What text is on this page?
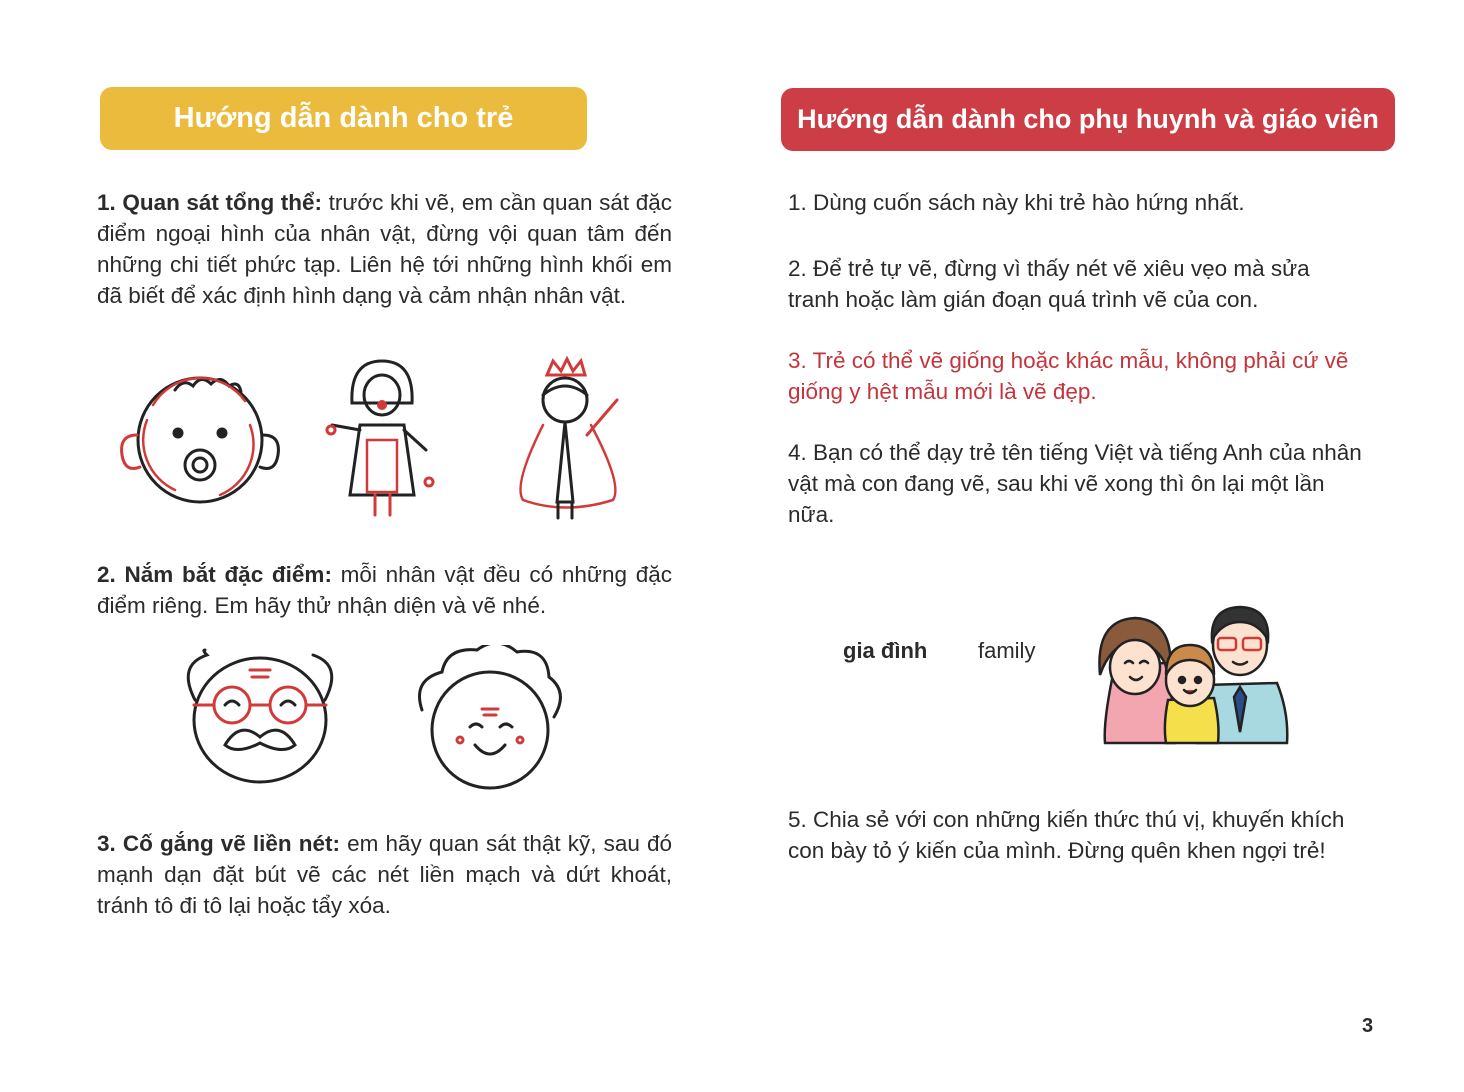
Hướng dẫn dành cho trẻ	Hướng dẫn dành cho phụ huynh và giáo viên
1. Quan sát tổng thể: trước khi vẽ, em cần quan sát đặc điểm ngoại hình của nhân vật, đừng vội quan tâm đến những chi tiết phức tạp. Liên hệ tới những hình khối em đã biết để xác định hình dạng và cảm nhận nhân vật.
2. Nắm bắt đặc điểm: mỗi nhân vật đều có những đặc điểm riêng. Em hãy thử nhận diện và vẽ nhé.
3. Cố gắng vẽ liền nét: em hãy quan sát thật kỹ, sau đó mạnh dạn đặt bút vẽ các nét liền mạch và dứt khoát, tránh tô đi tô lại hoặc tẩy xóa.
1. Dùng cuốn sách này khi trẻ hào hứng nhất.
2. Để trẻ tự vẽ, đừng vì thấy nét vẽ xiêu vẹo mà sửa tranh hoặc làm gián đoạn quá trình vẽ của con.
3. Trẻ có thể vẽ giống hoặc khác mẫu, không phải cứ vẽ giống y hệt mẫu mới là vẽ đẹp.
4. Bạn có thể dạy trẻ tên tiếng Việt và tiếng Anh của nhân vật mà con đang vẽ, sau khi vẽ xong thì ôn lại một lần nữa.
gia đình family
5. Chia sẻ với con những kiến thức thú vị, khuyến khích con bày tỏ ý kiến của mình. Đừng quên khen ngợi trẻ!
3
